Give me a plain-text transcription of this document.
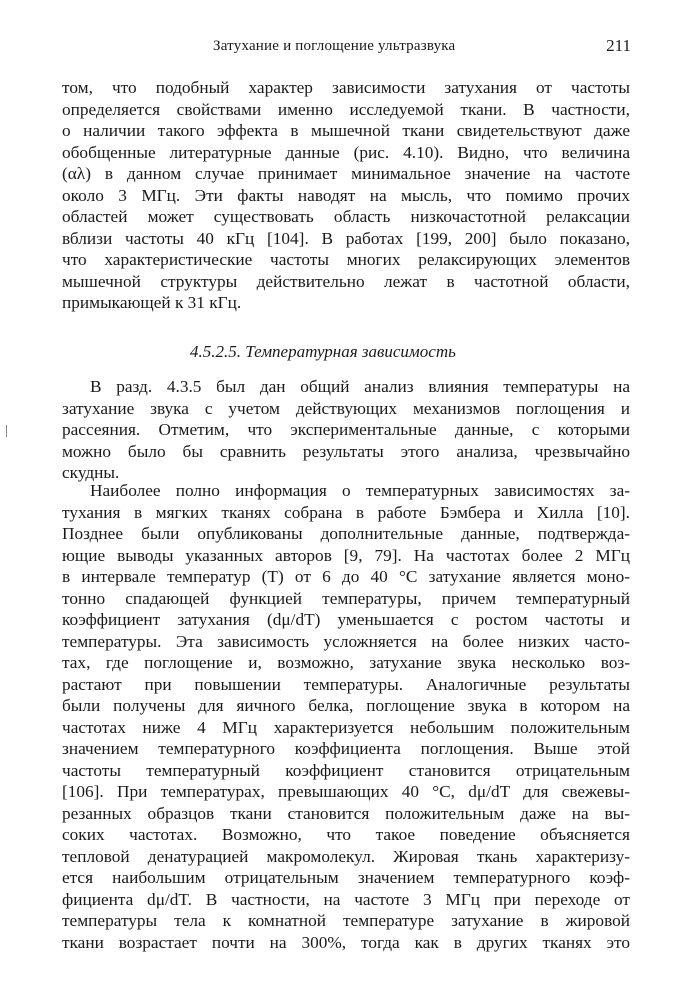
Затухание и поглощение ультразвука	211
том, что подобный характер зависимости затухания от частоты
определяется свойствами именно исследуемой ткани. В частности,
о наличии такого эффекта в мышечной ткани свидетельствуют даже
обобщенные литературные данные (рис. 4.10). Видно, что величина
(αλ) в данном случае принимает минимальное значение на частоте
около 3 МГц. Эти факты наводят на мысль, что помимо прочих
областей может существовать область низкочастотной релаксации
вблизи частоты 40 кГц [104]. В работах [199, 200] было показано,
что характеристические частоты многих релаксирующих элементов
мышечной структуры действительно лежат в частотной области,
примыкающей к 31 кГц.
4.5.2.5. Температурная зависимость
В разд. 4.3.5 был дан общий анализ влияния температуры на
затухание звука с учетом действующих механизмов поглощения и
рассеяния. Отметим, что экспериментальные данные, с которыми
можно было бы сравнить результаты этого анализа, чрезвычайно
скудны.
Наиболее полно информация о температурных зависимостях за-
тухания в мягких тканях собрана в работе Бэмбера и Хилла [10].
Позднее были опубликованы дополнительные данные, подтвержда-
ющие выводы указанных авторов [9, 79]. На частотах более 2 МГц
в интервале температур (T) от 6 до 40 °С затухание является моно-
тонно спадающей функцией температуры, причем температурный
коэффициент затухания (dμ/dT) уменьшается с ростом частоты и
температуры. Эта зависимость усложняется на более низких часто-
тах, где поглощение и, возможно, затухание звука несколько воз-
растают при повышении температуры. Аналогичные результаты
были получены для яичного белка, поглощение звука в котором на
частотах ниже 4 МГц характеризуется небольшим положительным
значением температурного коэффициента поглощения. Выше этой
частоты температурный коэффициент становится отрицательным
[106]. При температурах, превышающих 40 °С, dμ/dT для свежевы-
резанных образцов ткани становится положительным даже на вы-
соких частотах. Возможно, что такое поведение объясняется
тепловой денатурацией макромолекул. Жировая ткань характеризу-
ется наибольшим отрицательным значением температурного коэф-
фициента dμ/dT. В частности, на частоте 3 МГц при переходе от
температуры тела к комнатной температуре затухание в жировой
ткани возрастает почти на 300%, тогда как в других тканях это
